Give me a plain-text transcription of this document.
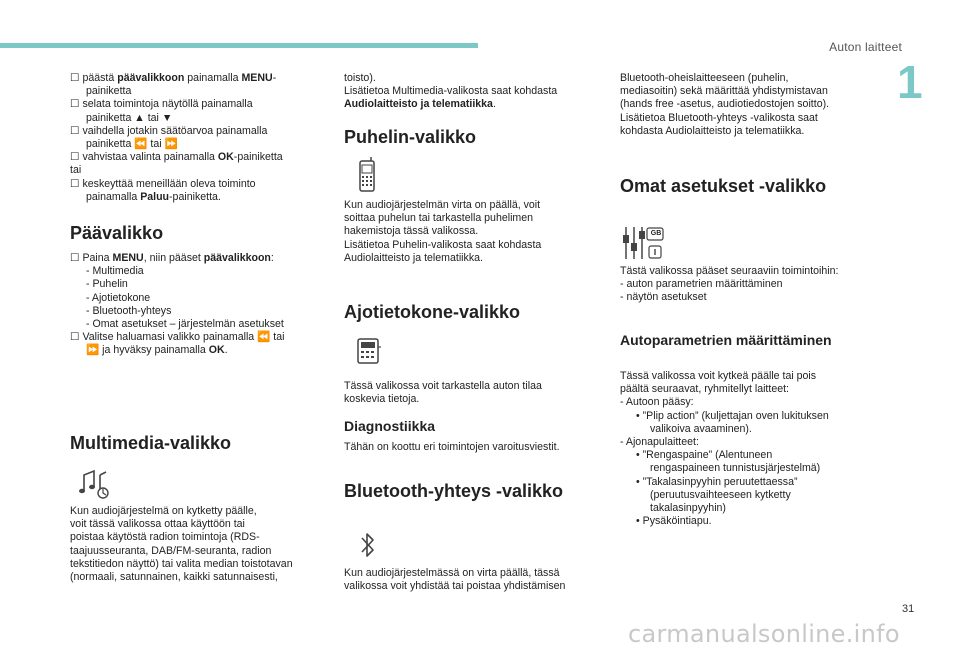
Auton laitteet
1
☐ päästä päävalikkoon painamalla MENU-
painiketta
☐ selata toimintoja näytöllä painamalla
painiketta ▲ tai ▼
☐ vaihdella jotakin säätöarvoa painamalla
painiketta ⏪ tai ⏩
☐ vahvistaa valinta painamalla OK-painiketta
tai
☐ keskeyttää meneillään oleva toiminto
painamalla Paluu-painiketta.
Päävalikko
☐ Paina MENU, niin pääset päävalikkoon:
- Multimedia
- Puhelin
- Ajotietokone
- Bluetooth-yhteys
- Omat asetukset – järjestelmän asetukset
☐ Valitse haluamasi valikko painamalla ⏪ tai
⏩ ja hyväksy painamalla OK.
Multimedia-valikko
Kun audiojärjestelmä on kytketty päälle,
voit tässä valikossa ottaa käyttöön tai
poistaa käytöstä radion toimintoja (RDS-
taajuusseuranta, DAB/FM-seuranta, radion
tekstitiedon näyttö) tai valita median toistotavan
(normaali, satunnainen, kaikki satunnaisesti,
toisto).
Lisätietoa Multimedia-valikosta saat kohdasta
Audiolaitteisto ja telematiikka.
Puhelin-valikko
Kun audiojärjestelmän virta on päällä, voit
soittaa puhelun tai tarkastella puhelimen
hakemistoja tässä valikossa.
Lisätietoa Puhelin-valikosta saat kohdasta
Audiolaitteisto ja telematiikka.
Ajotietokone-valikko
Tässä valikossa voit tarkastella auton tilaa
koskevia tietoja.
Diagnostiikka
Tähän on koottu eri toimintojen varoitusviestit.
Bluetooth-yhteys -valikko
Kun audiojärjestelmässä on virta päällä, tässä
valikossa voit yhdistää tai poistaa yhdistämisen
Bluetooth-oheislaitteeseen (puhelin,
mediasoitin) sekä määrittää yhdistymistavan
(hands free -asetus, audiotiedostojen soitto).
Lisätietoa Bluetooth-yhteys -valikosta saat
kohdasta Audiolaitteisto ja telematiikka.
Omat asetukset -valikko
GB
Tästä valikossa pääset seuraaviin toimintoihin:
- auton parametrien määrittäminen
- näytön asetukset
Autoparametrien määrittäminen
Tässä valikossa voit kytkeä päälle tai pois
päältä seuraavat, ryhmitellyt laitteet:
- Autoon pääsy:
• ”Plip action” (kuljettajan oven lukituksen
valikoiva avaaminen).
- Ajonapulaitteet:
• ”Rengaspaine” (Alentuneen
rengaspaineen tunnistusjärjestelmä)
• ”Takalasinpyyhin peruutettaessa”
(peruutusvaihteeseen kytketty
takalasinpyyhin)
• Pysäköintiapu.
31
carmanualsonline.info
